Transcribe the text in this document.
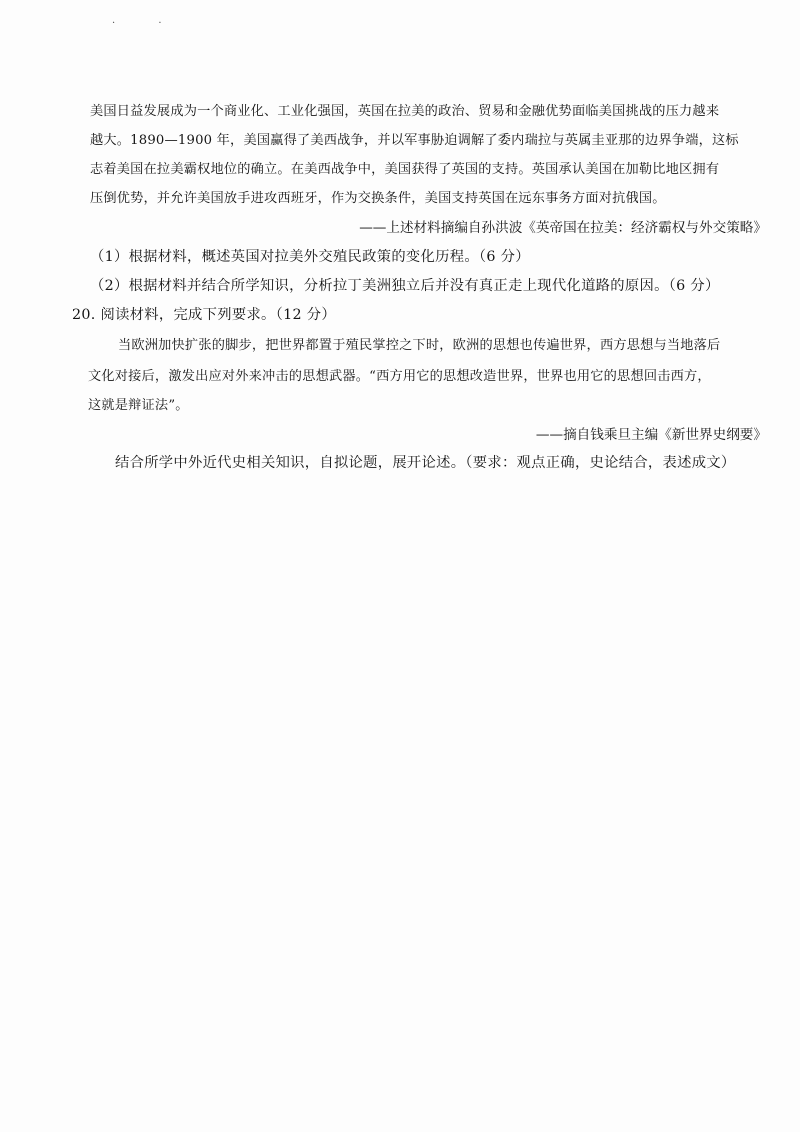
· ·
美国日益发展成为一个商业化、工业化强国，英国在拉美的政治、贸易和金融优势面临美国挑战的压力越来
越大。1890—1900 年，美国赢得了美西战争，并以军事胁迫调解了委内瑞拉与英属圭亚那的边界争端，这标
志着美国在拉美霸权地位的确立。在美西战争中，美国获得了英国的支持。英国承认美国在加勒比地区拥有
压倒优势，并允许美国放手进攻西班牙，作为交换条件，美国支持英国在远东事务方面对抗俄国。
——上述材料摘编自孙洪波《英帝国在拉美：经济霸权与外交策略》
（1）根据材料，概述英国对拉美外交殖民政策的变化历程。（6 分）
（2）根据材料并结合所学知识，分析拉丁美洲独立后并没有真正走上现代化道路的原因。（6 分）
20. 阅读材料，完成下列要求。（12 分）
当欧洲加快扩张的脚步，把世界都置于殖民掌控之下时，欧洲的思想也传遍世界，西方思想与当地落后
文化对接后，激发出应对外来冲击的思想武器。“西方用它的思想改造世界，世界也用它的思想回击西方，
这就是辩证法”。
——摘自钱乘旦主编《新世界史纲要》
结合所学中外近代史相关知识，自拟论题，展开论述。（要求：观点正确，史论结合，表述成文）
